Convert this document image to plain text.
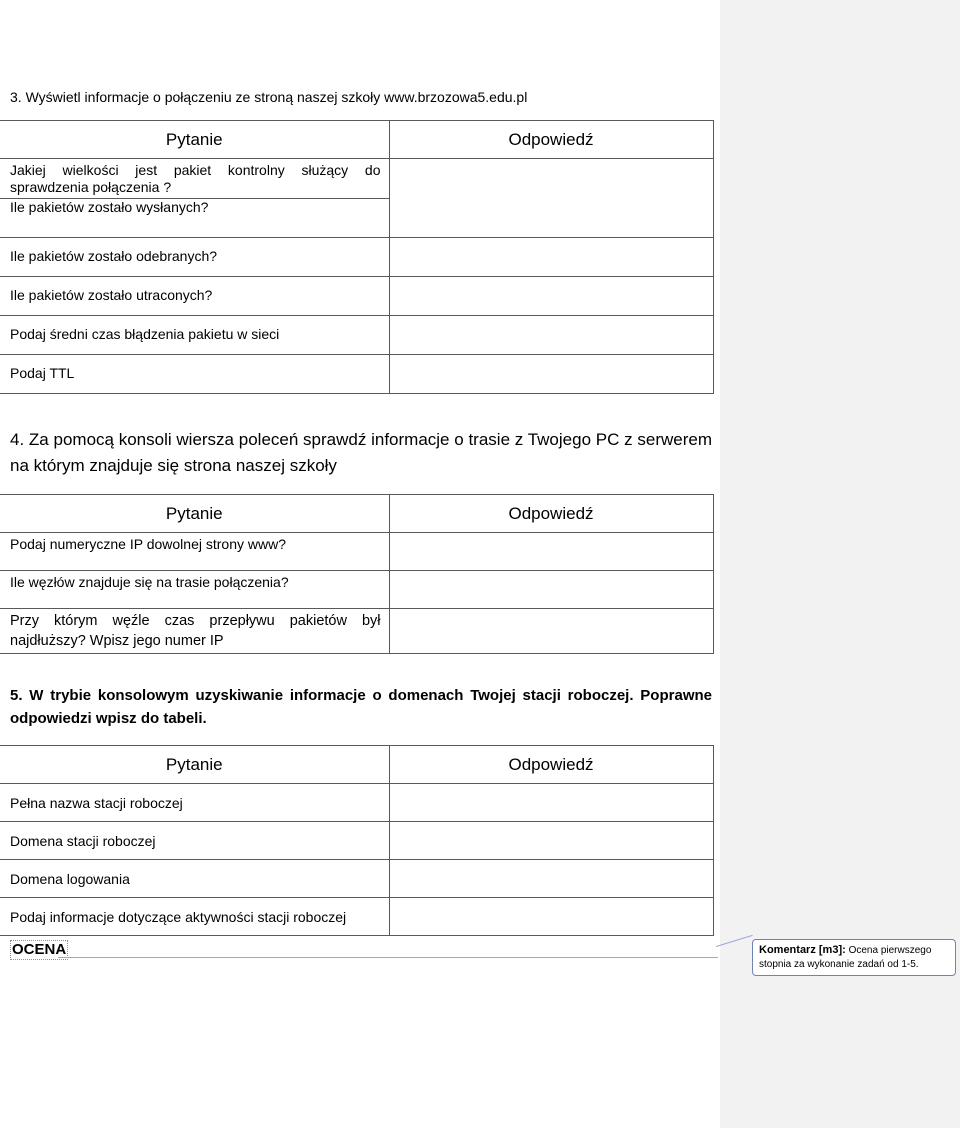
3. Wyświetl informacje o połączeniu ze stroną naszej szkoły www.brzozowa5.edu.pl
Pytanie	Odpowiedź
Jakiej wielkości jest pakiet kontrolny służący do sprawdzenia połączenia ?	
Ile pakietów zostało wysłanych?	
Ile pakietów zostało odebranych?	
Ile pakietów zostało utraconych?	
Podaj średni czas błądzenia pakietu w sieci	
Podaj TTL	
4. Za pomocą konsoli wiersza poleceń sprawdź informacje o trasie z Twojego PC z serwerem na którym znajduje się strona naszej szkoły
Pytanie	Odpowiedź
Podaj numeryczne IP dowolnej strony www?	
Ile węzłów znajduje się na trasie połączenia?	
Przy którym węźle czas przepływu pakietów był najdłuższy? Wpisz jego numer IP	
5. W trybie konsolowym uzyskiwanie informacje o domenach Twojej stacji roboczej. Poprawne odpowiedzi wpisz do tabeli.
Pytanie	Odpowiedź
Pełna nazwa stacji roboczej	
Domena stacji roboczej	
Domena logowania	
Podaj informacje dotyczące aktywności stacji roboczej	
OCENA	Komentarz [m3]: Ocena pierwszego stopnia za wykonanie zadań od 1-5.
